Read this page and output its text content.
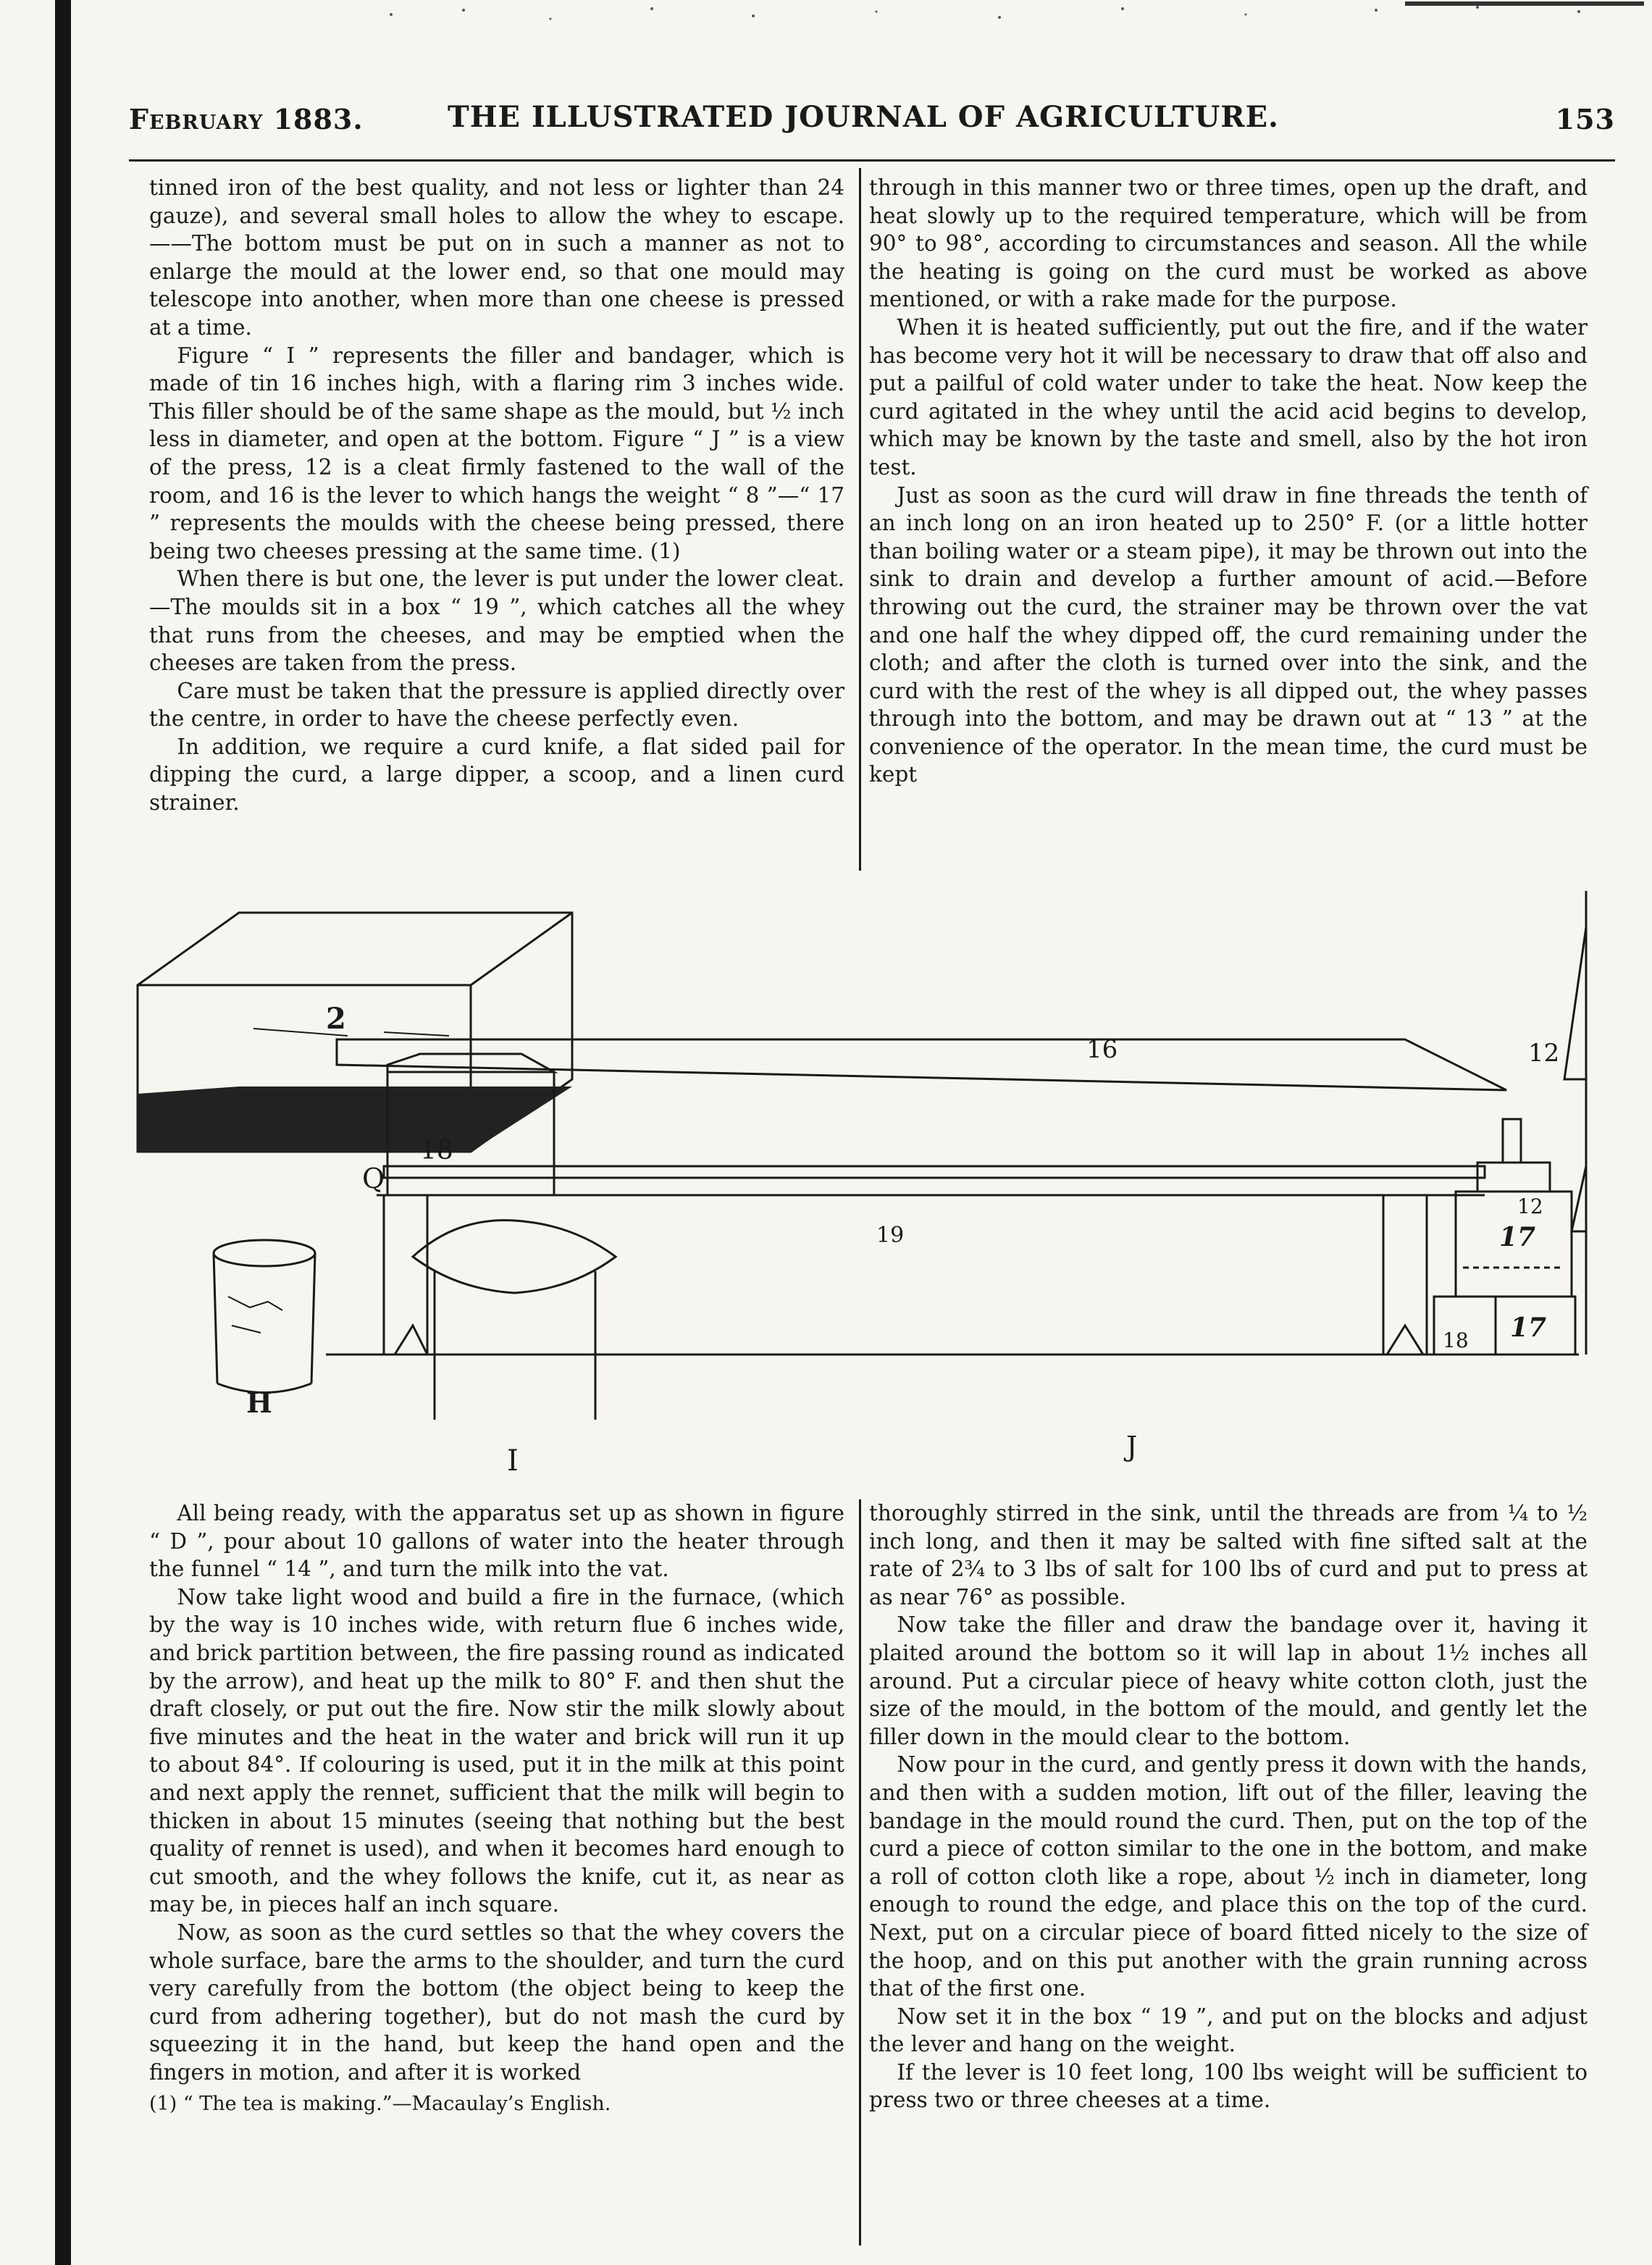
February 1883.	THE ILLUSTRATED JOURNAL OF AGRICULTURE.	153

tinned iron of the best quality, and not less or lighter than 24 gauze), and several small holes to allow the whey to escape.——The bottom must be put on in such a manner as not to enlarge the mould at the lower end, so that one mould may telescope into another, when more than one cheese is pressed at a time.

Figure “ I ” represents the filler and bandager, which is made of tin 16 inches high, with a flaring rim 3 inches wide. This filler should be of the same shape as the mould, but ½ inch less in diameter, and open at the bottom. Figure “ J ” is a view of the press, 12 is a cleat firmly fastened to the wall of the room, and 16 is the lever to which hangs the weight “ 8 ”—“ 17 ” represents the moulds with the cheese being pressed, there being two cheeses pressing at the same time. (1)

When there is but one, the lever is put under the lower cleat.—The moulds sit in a box “ 19 ”, which catches all the whey that runs from the cheeses, and may be emptied when the cheeses are taken from the press.

Care must be taken that the pressure is applied directly over the centre, in order to have the cheese perfectly even.

In addition, we require a curd knife, a flat sided pail for dipping the curd, a large dipper, a scoop, and a linen curd strainer.

through in this manner two or three times, open up the draft, and heat slowly up to the required temperature, which will be from 90° to 98°, according to circumstances and season. All the while the heating is going on the curd must be worked as above mentioned, or with a rake made for the purpose.

When it is heated sufficiently, put out the fire, and if the water has become very hot it will be necessary to draw that off also and put a pailful of cold water under to take the heat. Now keep the curd agitated in the whey until the acid acid begins to develop, which may be known by the taste and smell, also by the hot iron test.

Just as soon as the curd will draw in fine threads the tenth of an inch long on an iron heated up to 250° F. (or a little hotter than boiling water or a steam pipe), it may be thrown out into the sink to drain and develop a further amount of acid.—Before throwing out the curd, the strainer may be thrown over the vat and one half the whey dipped off, the curd remaining under the cloth; and after the cloth is turned over into the sink, and the curd with the rest of the whey is all dipped out, the whey passes through into the bottom, and may be drawn out at “ 13 ” at the convenience of the operator. In the mean time, the curd must be kept

2
Q
H
I	J
16	12
12
18
19
18
17
17

All being ready, with the apparatus set up as shown in figure “ D ”, pour about 10 gallons of water into the heater through the funnel “ 14 ”, and turn the milk into the vat.

Now take light wood and build a fire in the furnace, (which by the way is 10 inches wide, with return flue 6 inches wide, and brick partition between, the fire passing round as indicated by the arrow), and heat up the milk to 80° F. and then shut the draft closely, or put out the fire. Now stir the milk slowly about five minutes and the heat in the water and brick will run it up to about 84°. If colouring is used, put it in the milk at this point and next apply the rennet, sufficient that the milk will begin to thicken in about 15 minutes (seeing that nothing but the best quality of rennet is used), and when it becomes hard enough to cut smooth, and the whey follows the knife, cut it, as near as may be, in pieces half an inch square.

Now, as soon as the curd settles so that the whey covers the whole surface, bare the arms to the shoulder, and turn the curd very carefully from the bottom (the object being to keep the curd from adhering together), but do not mash the curd by squeezing it in the hand, but keep the hand open and the fingers in motion, and after it is worked

(1) “ The tea is making.”—Macaulay’s English.

thoroughly stirred in the sink, until the threads are from ¼ to ½ inch long, and then it may be salted with fine sifted salt at the rate of 2¾ to 3 lbs of salt for 100 lbs of curd and put to press at as near 76° as possible.

Now take the filler and draw the bandage over it, having it plaited around the bottom so it will lap in about 1½ inches all around. Put a circular piece of heavy white cotton cloth, just the size of the mould, in the bottom of the mould, and gently let the filler down in the mould clear to the bottom.

Now pour in the curd, and gently press it down with the hands, and then with a sudden motion, lift out of the filler, leaving the bandage in the mould round the curd. Then, put on the top of the curd a piece of cotton similar to the one in the bottom, and make a roll of cotton cloth like a rope, about ½ inch in diameter, long enough to round the edge, and place this on the top of the curd. Next, put on a circular piece of board fitted nicely to the size of the hoop, and on this put another with the grain running across that of the first one.

Now set it in the box “ 19 ”, and put on the blocks and adjust the lever and hang on the weight.

If the lever is 10 feet long, 100 lbs weight will be sufficient to press two or three cheeses at a time.
